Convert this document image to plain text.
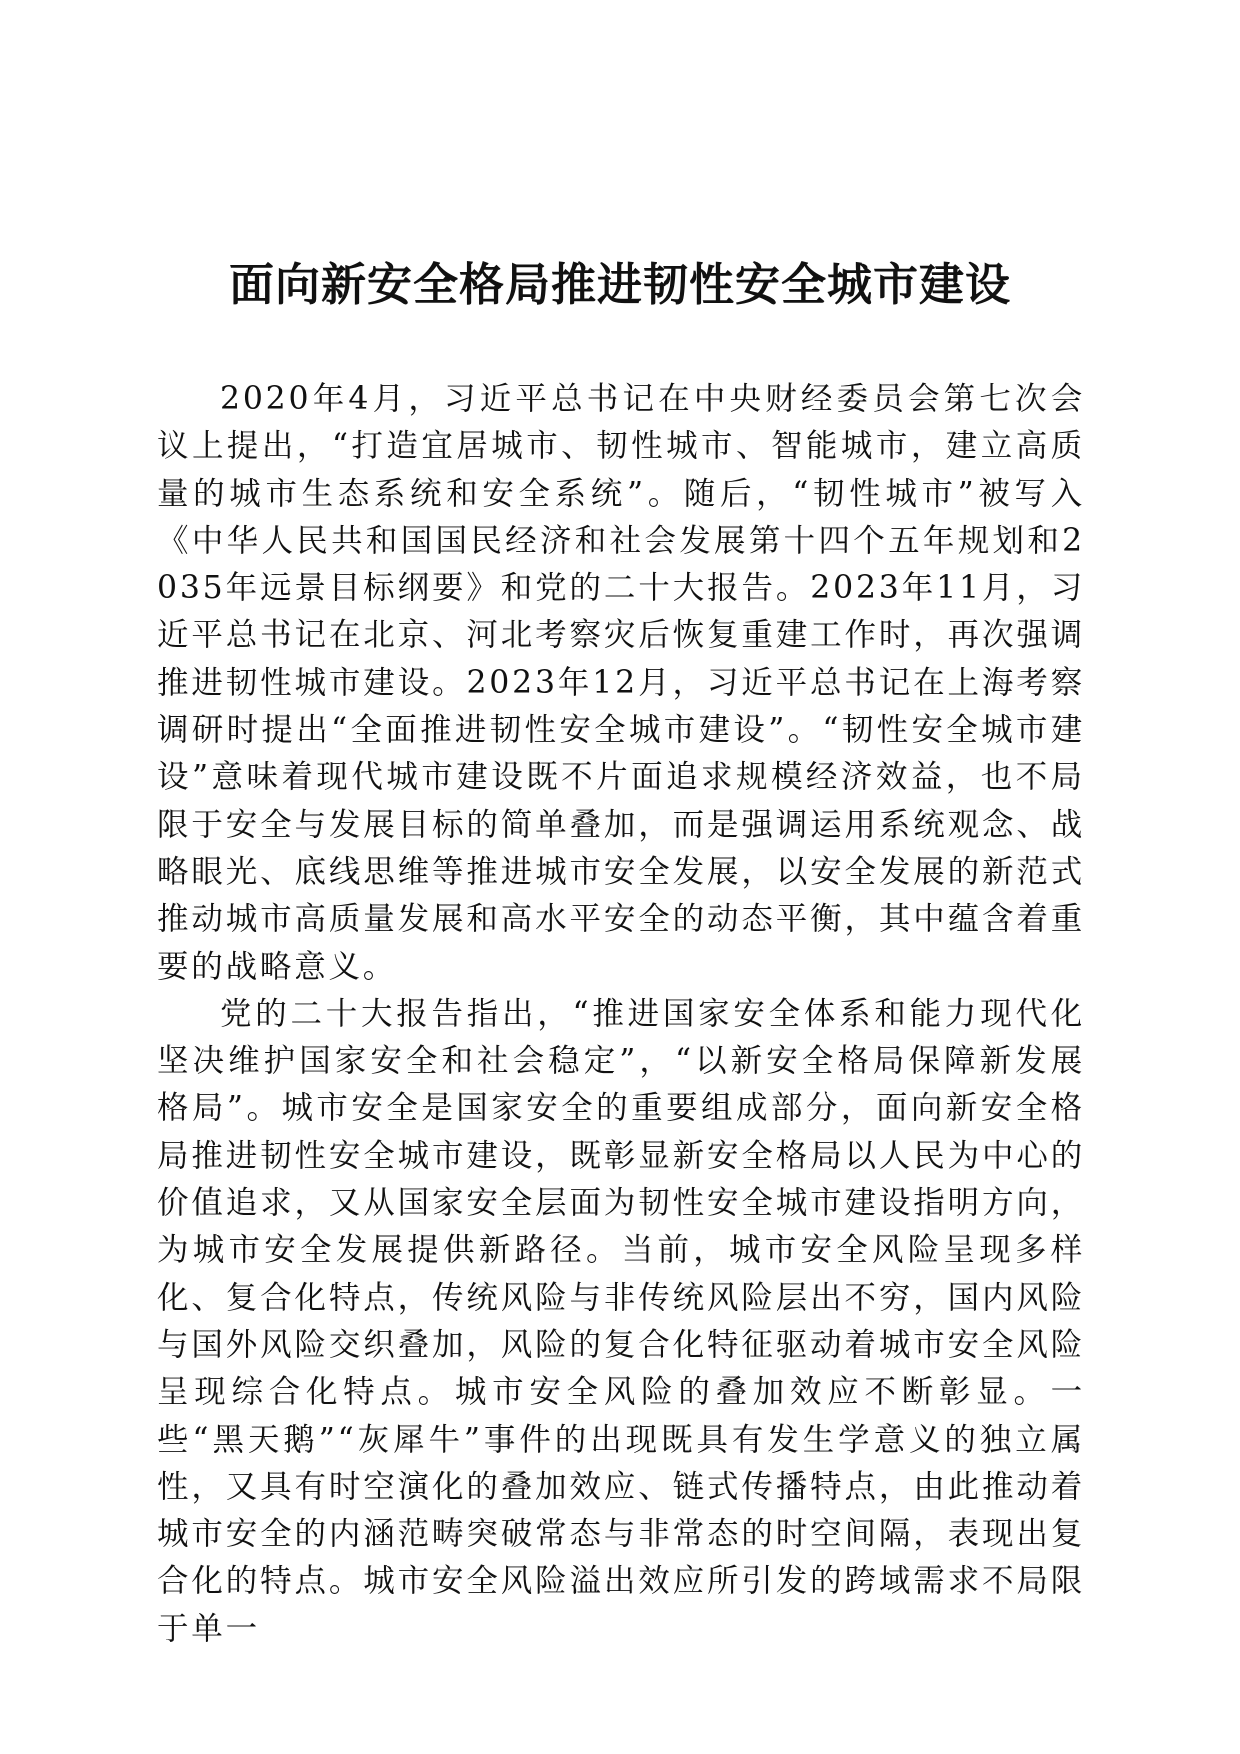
面向新安全格局推进韧性安全城市建设

2020年4月，习近平总书记在中央财经委员会第七次会议上提出，“打造宜居城市、韧性城市、智能城市，建立高质量的城市生态系统和安全系统”。随后，“韧性城市”被写入《中华人民共和国国民经济和社会发展第十四个五年规划和2035年远景目标纲要》和党的二十大报告。2023年11月，习近平总书记在北京、河北考察灾后恢复重建工作时，再次强调推进韧性城市建设。2023年12月，习近平总书记在上海考察调研时提出“全面推进韧性安全城市建设”。“韧性安全城市建设”意味着现代城市建设既不片面追求规模经济效益，也不局限于安全与发展目标的简单叠加，而是强调运用系统观念、战略眼光、底线思维等推进城市安全发展，以安全发展的新范式推动城市高质量发展和高水平安全的动态平衡，其中蕴含着重要的战略意义。

党的二十大报告指出，“推进国家安全体系和能力现代化坚决维护国家安全和社会稳定”，“以新安全格局保障新发展格局”。城市安全是国家安全的重要组成部分，面向新安全格局推进韧性安全城市建设，既彰显新安全格局以人民为中心的价值追求，又从国家安全层面为韧性安全城市建设指明方向，为城市安全发展提供新路径。当前，城市安全风险呈现多样化、复合化特点，传统风险与非传统风险层出不穷，国内风险与国外风险交织叠加，风险的复合化特征驱动着城市安全风险呈现综合化特点。城市安全风险的叠加效应不断彰显。一些“黑天鹅”“灰犀牛”事件的出现既具有发生学意义的独立属性，又具有时空演化的叠加效应、链式传播特点，由此推动着城市安全的内涵范畴突破常态与非常态的时空间隔，表现出复合化的特点。城市安全风险溢出效应所引发的跨域需求不局限于单一
